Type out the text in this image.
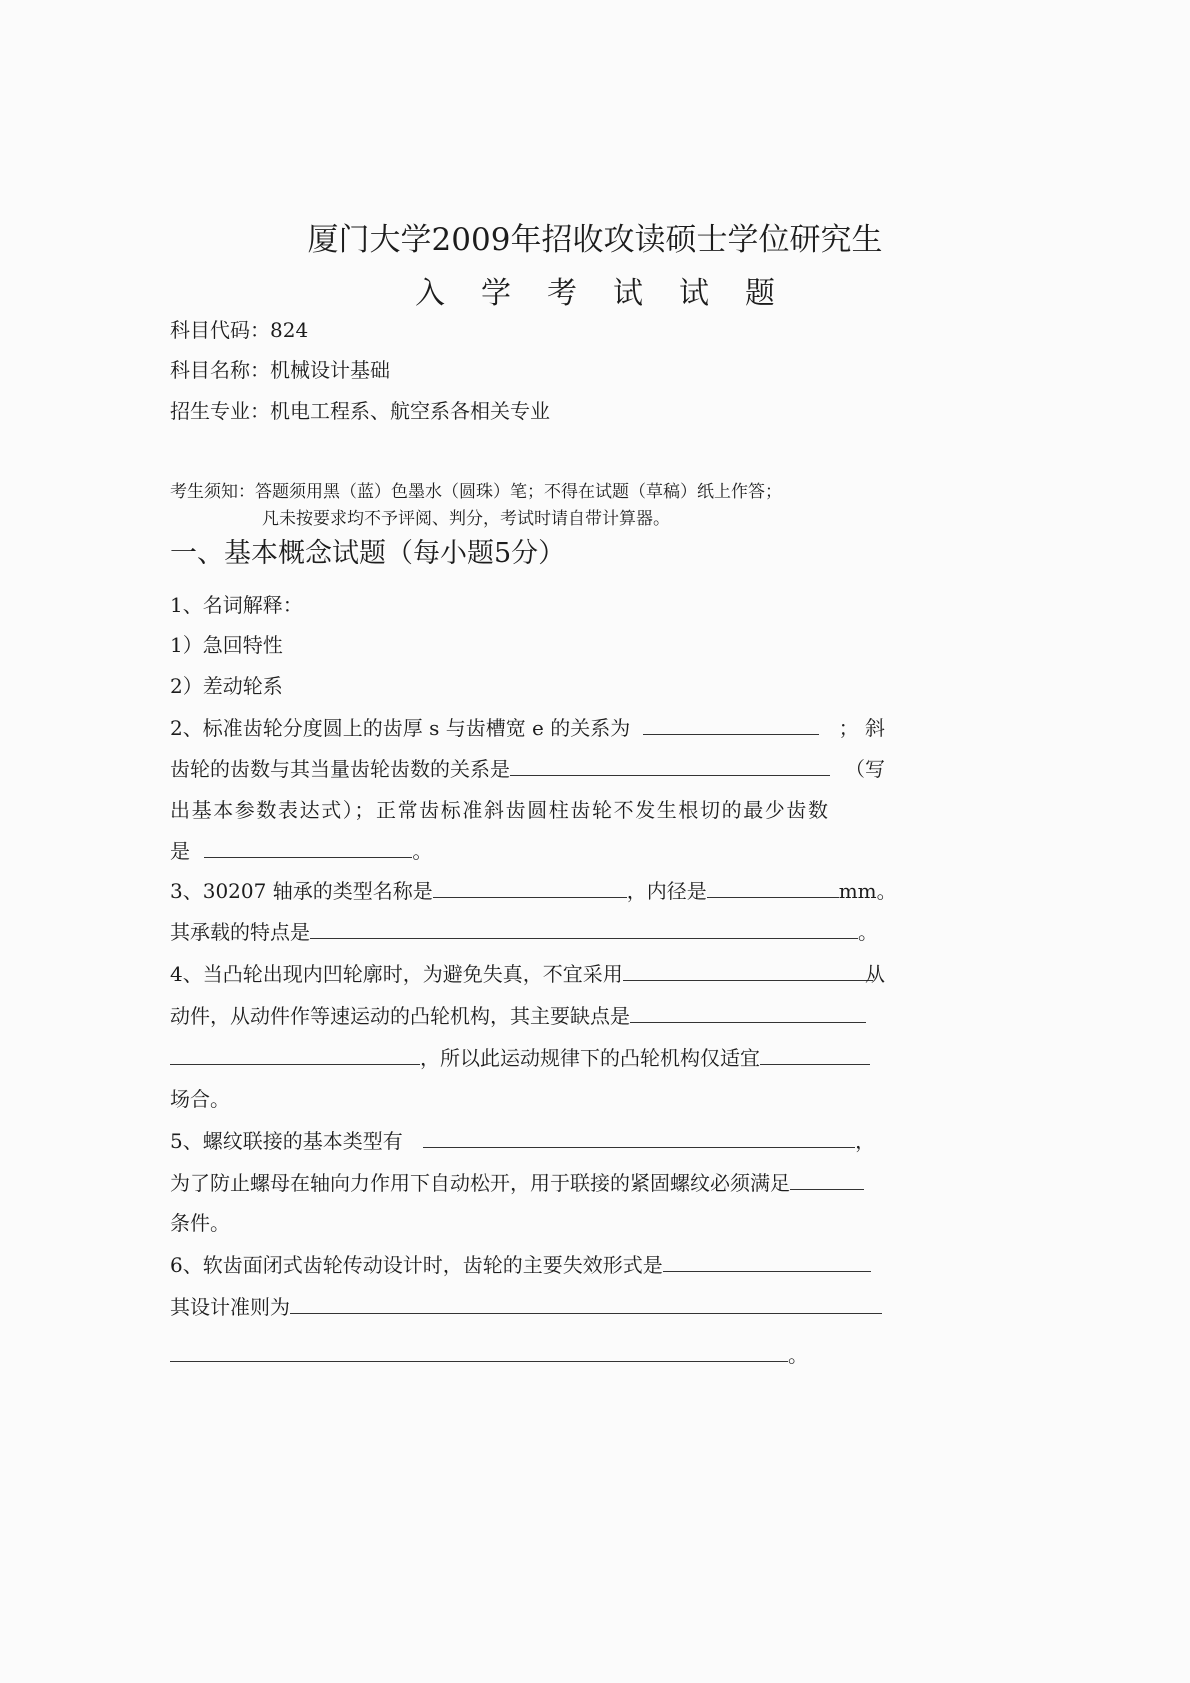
厦门大学2009年招收攻读硕士学位研究生
入学考试试题
科目代码：824
科目名称：机械设计基础
招生专业：机电工程系、航空系各相关专业
考生须知：答题须用黑（蓝）色墨水（圆珠）笔；不得在试题（草稿）纸上作答；
凡未按要求均不予评阅、判分，考试时请自带计算器。
一、基本概念试题（每小题5分）
1、名词解释：
1）急回特性
2）差动轮系
2、标准齿轮分度圆上的齿厚 s 与齿槽宽 e 的关系为	； 斜
齿轮的齿数与其当量齿轮齿数的关系是	（写
出基本参数表达式）；正常齿标准斜齿圆柱齿轮不发生根切的最少齿数
是	。
3、30207 轴承的类型名称是	，内径是	mm。
其承载的特点是	。
4、当凸轮出现内凹轮廓时，为避免失真，不宜采用	从
动件，从动件作等速运动的凸轮机构，其主要缺点是
，所以此运动规律下的凸轮机构仅适宜
场合。
5、螺纹联接的基本类型有	，
为了防止螺母在轴向力作用下自动松开，用于联接的紧固螺纹必须满足
条件。
6、软齿面闭式齿轮传动设计时，齿轮的主要失效形式是
其设计准则为
。
